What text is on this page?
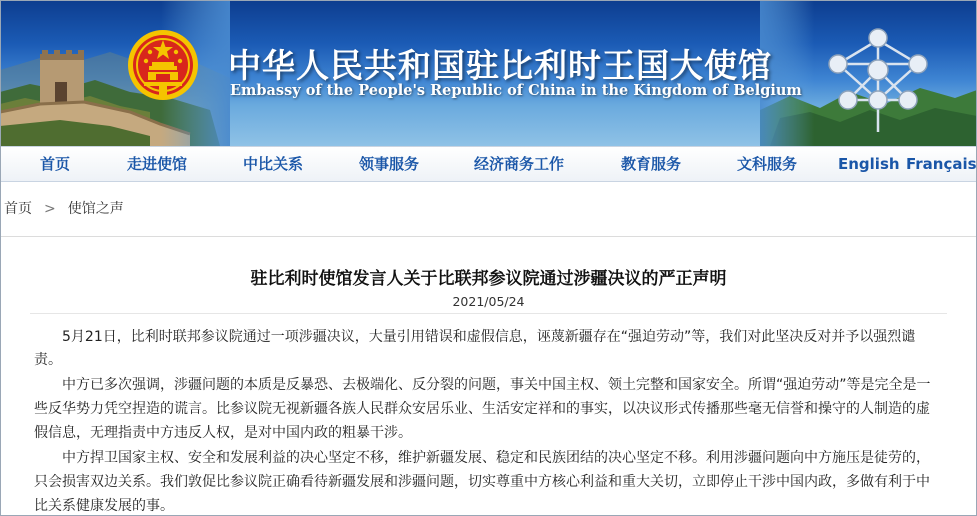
中华人民共和国驻比利时王国大使馆
Embassy of the People's Republic of China in the Kingdom of Belgium
首页	走进使馆	中比关系	领事服务	经济商务工作	教育服务	文科服务	English Français
首页 > 使馆之声
驻比利时使馆发言人关于比联邦参议院通过涉疆决议的严正声明
2021/05/24
5月21日，比利时联邦参议院通过一项涉疆决议，大量引用错误和虚假信息，诬蔑新疆存在“强迫劳动”等，我们对此坚决反对并予以强烈谴
责。
中方已多次强调，涉疆问题的本质是反暴恐、去极端化、反分裂的问题，事关中国主权、领土完整和国家安全。所谓“强迫劳动”等是完全是一
些反华势力凭空捏造的谎言。比参议院无视新疆各族人民群众安居乐业、生活安定祥和的事实，以决议形式传播那些毫无信誉和操守的人制造的虚
假信息，无理指责中方违反人权，是对中国内政的粗暴干涉。
中方捍卫国家主权、安全和发展利益的决心坚定不移，维护新疆发展、稳定和民族团结的决心坚定不移。利用涉疆问题向中方施压是徒劳的，
只会损害双边关系。我们敦促比参议院正确看待新疆发展和涉疆问题，切实尊重中方核心利益和重大关切，立即停止干涉中国内政，多做有利于中
比关系健康发展的事。
